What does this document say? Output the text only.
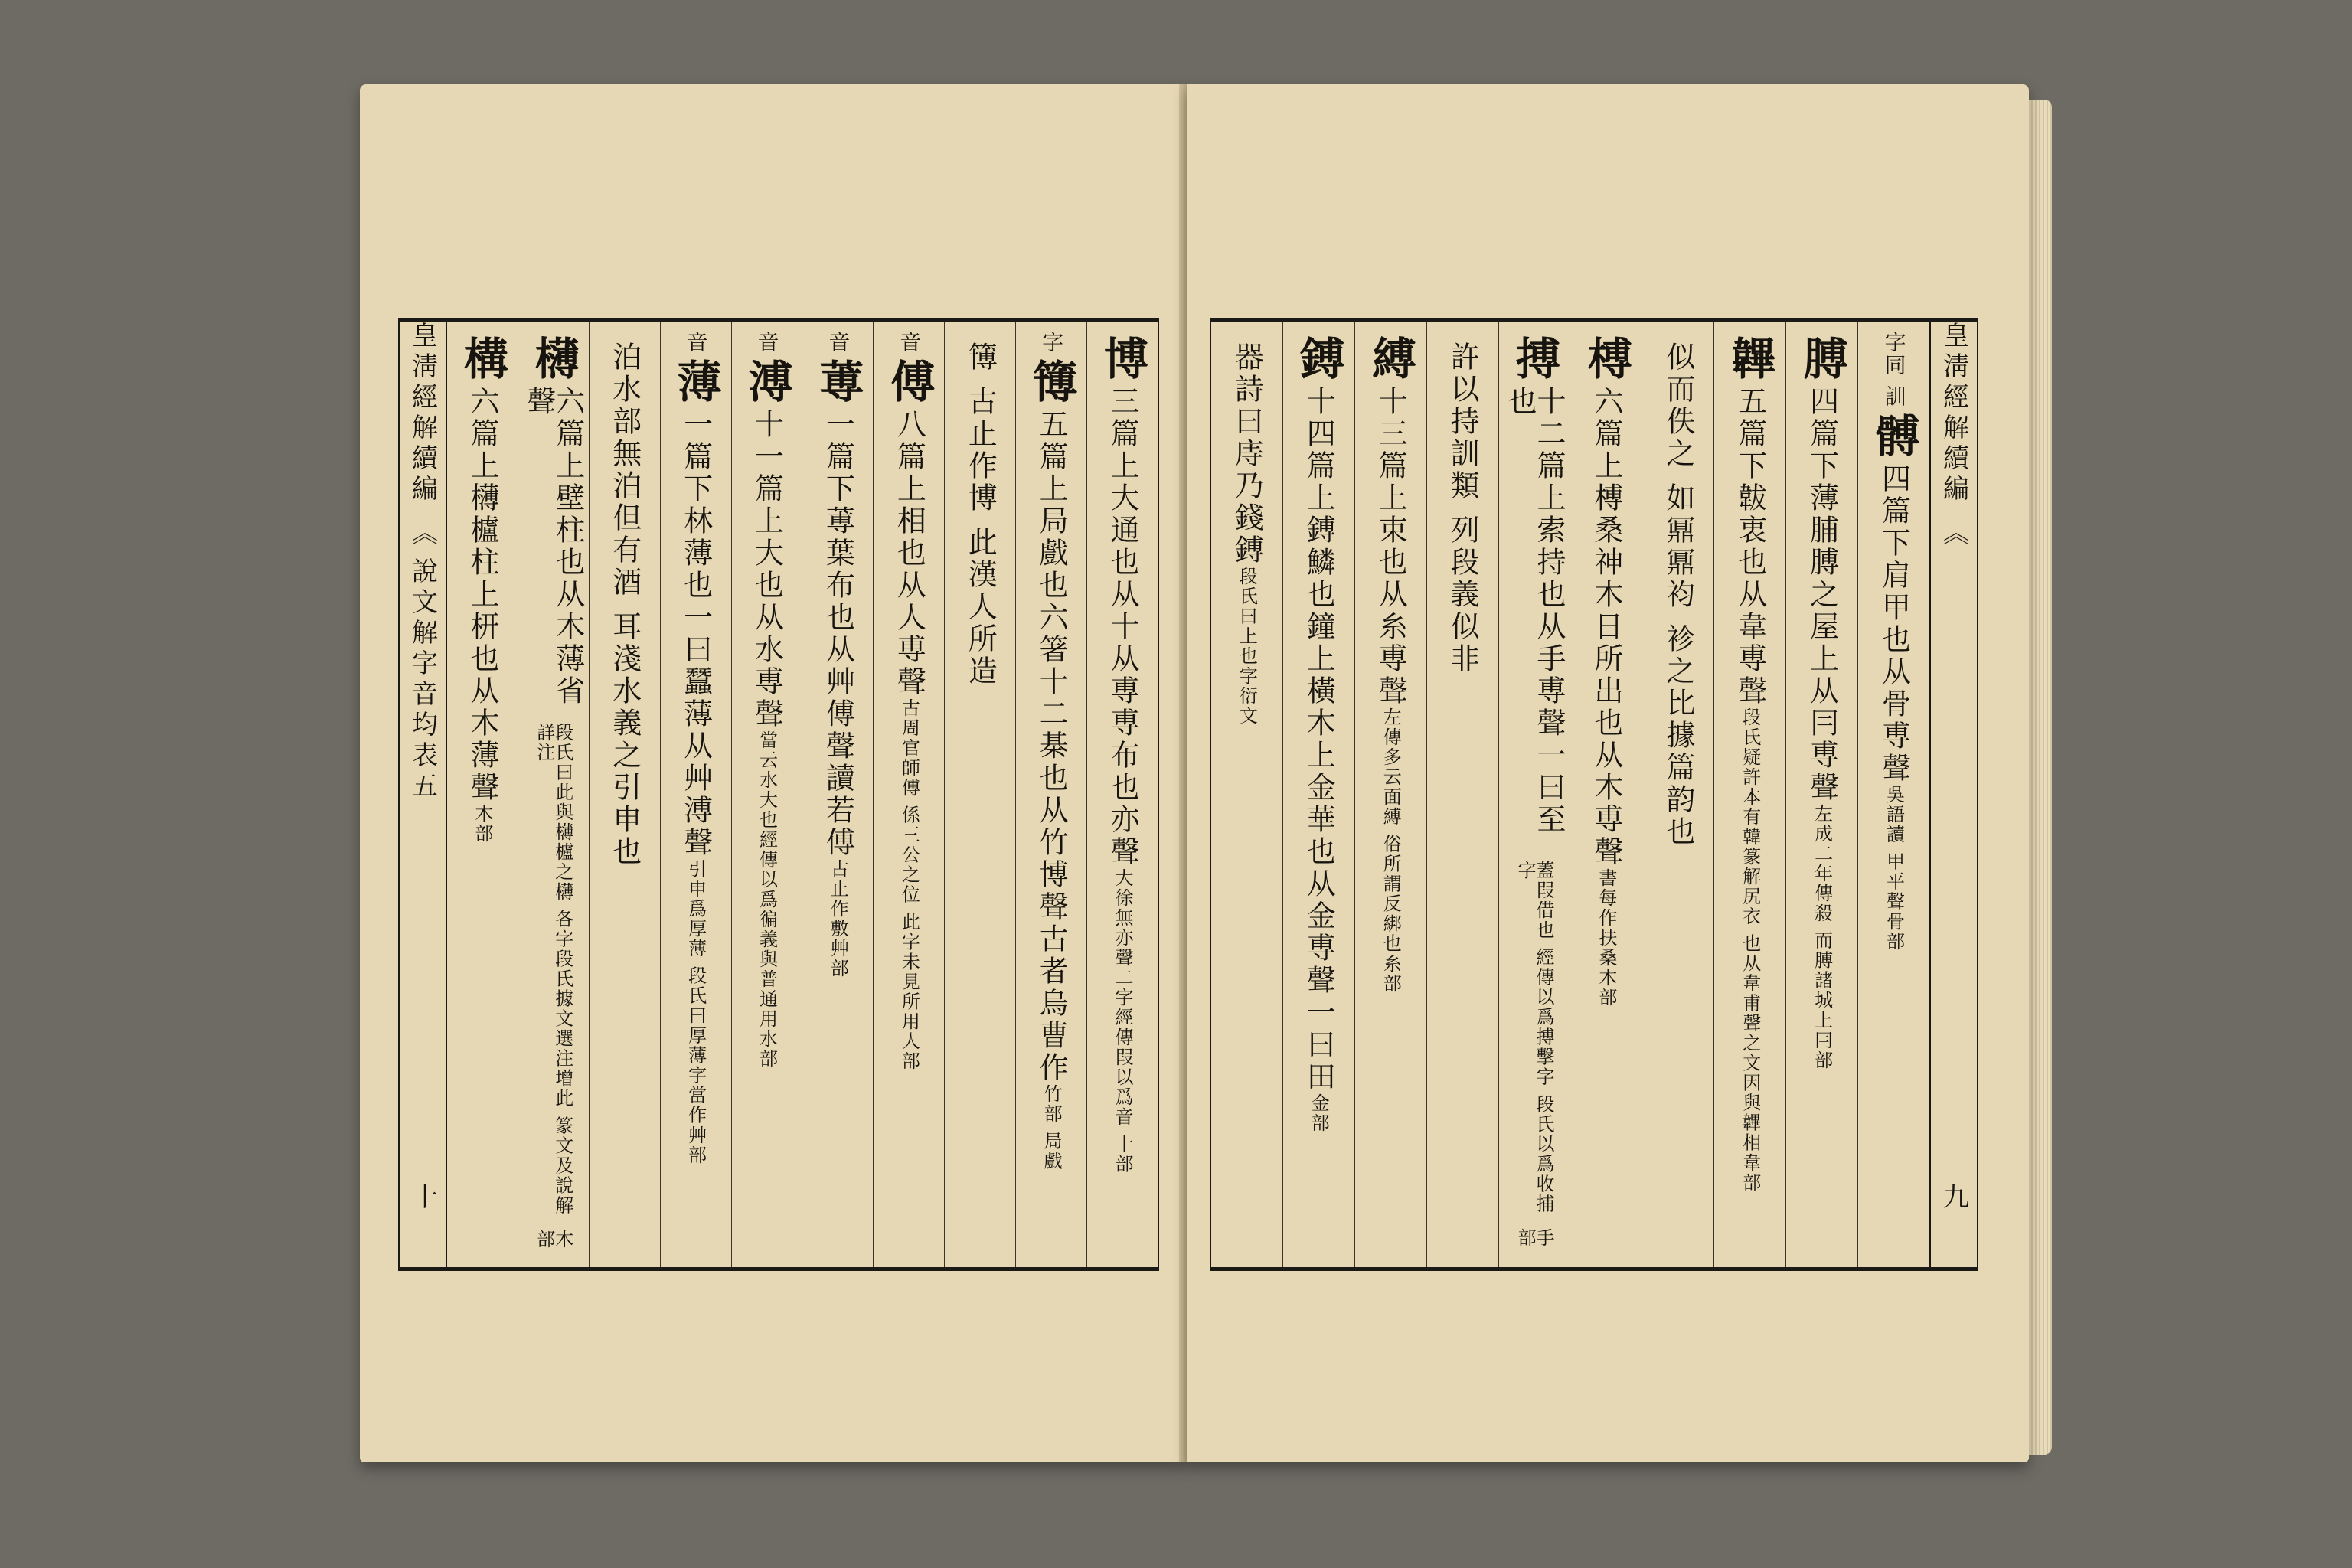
皇淸經解續編
︽
說文解字音均表五
十
博
三篇上大通也从十从尃尃布也亦聲
大徐無亦聲二字經傳叚以爲
音 十部
字
簙
五篇上局戲也六箸十二棊也从竹博聲古者烏曹作
竹部 局戲
簙 古止作博 此漢人所造
音
傅
八篇上相也从人尃聲
古周官師傅 係三公之位 此字未見所用
人部
音
蒪
一篇下蒪葉布也从艸傅聲讀若傅
古止作敷
艸部
音
溥
十一篇上大也从水尃聲
當云水大也經傳以爲徧義與普通用
水部
音
薄
一篇下林薄也一曰蠶薄从艸溥聲
引申爲厚薄 段氏曰厚薄字當作
艸部
泊水部無泊但有酒 耳淺水義之引申也
欂
六篇上壁柱也从木薄省聲
段氏曰此與欂櫨之欂 各字段氏據文選注增此 篆文及說解詳注
木部
構
六篇上欂櫨柱上枅也从木薄聲
木部
字同 訓
髆
四篇下肩甲也从骨尃聲
吳語讀 甲平聲
骨部
膊
四篇下薄脯膊之屋上从冃尃聲
左成二年傳殺 而膊諸城上
冃部
韠
五篇下韍衷也从韋尃聲
段氏疑許本有韓篆解尻衣 也从韋甫聲之文因與韠相
韋部
似而佚之 如鼏鼏袀 袗之比據篇韵也
榑
六篇上榑桑神木日所出也从木尃聲
書每作扶桑
木部
搏
十二篇上索持也从手尃聲一曰至也
蓋叚借也 經傳以爲搏擊字 段氏以爲收捕字
手部
許以持訓類 列段義似非
縛
十三篇上束也从糸尃聲
左傳多云面縛 俗所謂反綁也
糸部
鎛
十四篇上鎛鱗也鐘上橫木上金華也从金尃聲一曰田
金部
器詩曰庤乃錢鎛
段氏曰上也字衍文
皇淸經解續編
︽
九
